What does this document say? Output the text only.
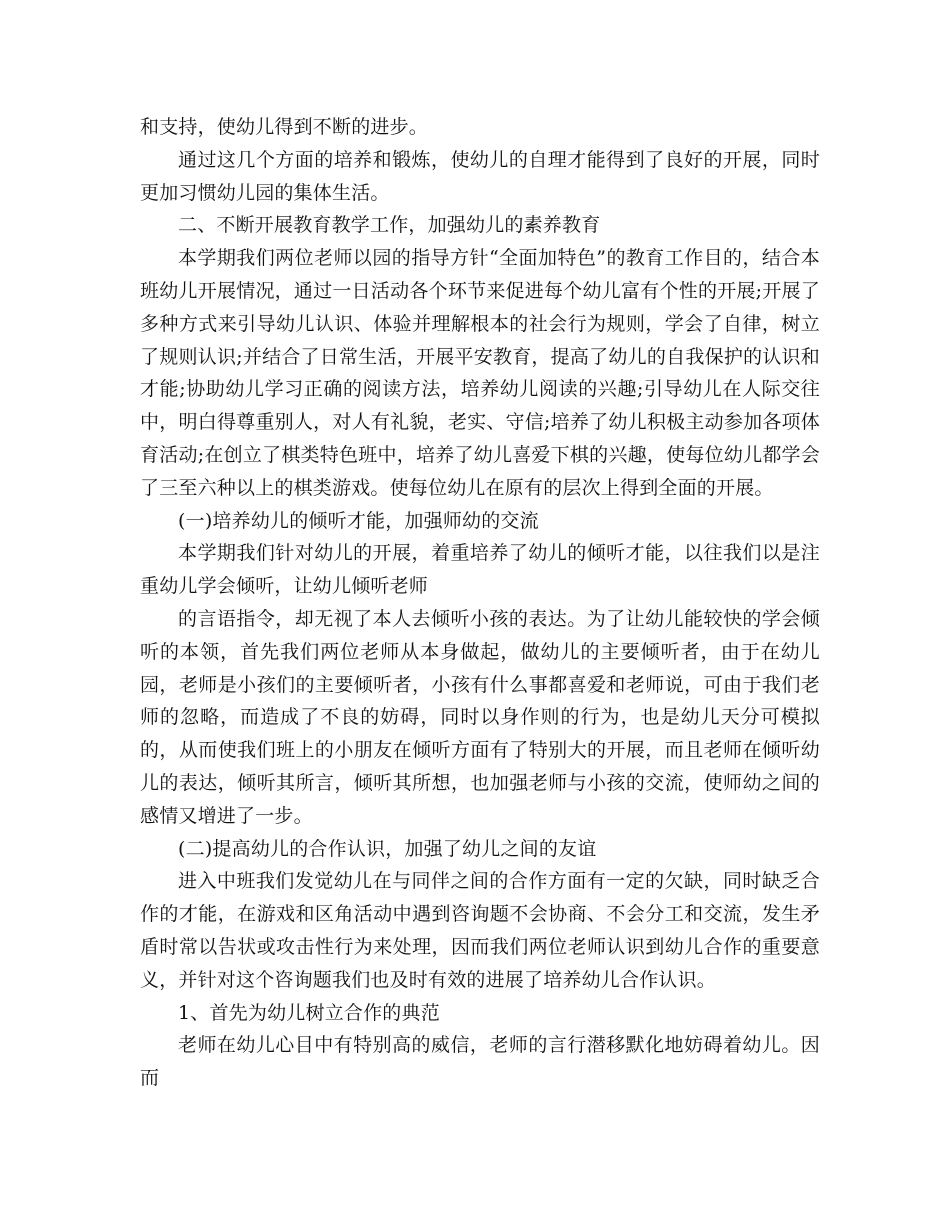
和支持，使幼儿得到不断的进步。

通过这几个方面的培养和锻炼，使幼儿的自理才能得到了良好的开展，同时更加习惯幼儿园的集体生活。

二、不断开展教育教学工作，加强幼儿的素养教育

本学期我们两位老师以园的指导方针“全面加特色”的教育工作目的，结合本班幼儿开展情况，通过一日活动各个环节来促进每个幼儿富有个性的开展;开展了多种方式来引导幼儿认识、体验并理解根本的社会行为规则，学会了自律，树立了规则认识;并结合了日常生活，开展平安教育，提高了幼儿的自我保护的认识和才能;协助幼儿学习正确的阅读方法，培养幼儿阅读的兴趣;引导幼儿在人际交往中，明白得尊重别人，对人有礼貌，老实、守信;培养了幼儿积极主动参加各项体育活动;在创立了棋类特色班中，培养了幼儿喜爱下棋的兴趣，使每位幼儿都学会了三至六种以上的棋类游戏。使每位幼儿在原有的层次上得到全面的开展。

(一)培养幼儿的倾听才能，加强师幼的交流

本学期我们针对幼儿的开展，着重培养了幼儿的倾听才能，以往我们以是注重幼儿学会倾听，让幼儿倾听老师

的言语指令，却无视了本人去倾听小孩的表达。为了让幼儿能较快的学会倾听的本领，首先我们两位老师从本身做起，做幼儿的主要倾听者，由于在幼儿园，老师是小孩们的主要倾听者，小孩有什么事都喜爱和老师说，可由于我们老师的忽略，而造成了不良的妨碍，同时以身作则的行为，也是幼儿天分可模拟的，从而使我们班上的小朋友在倾听方面有了特别大的开展，而且老师在倾听幼儿的表达，倾听其所言，倾听其所想，也加强老师与小孩的交流，使师幼之间的感情又增进了一步。

(二)提高幼儿的合作认识，加强了幼儿之间的友谊

进入中班我们发觉幼儿在与同伴之间的合作方面有一定的欠缺，同时缺乏合作的才能，在游戏和区角活动中遇到咨询题不会协商、不会分工和交流，发生矛盾时常以告状或攻击性行为来处理，因而我们两位老师认识到幼儿合作的重要意义，并针对这个咨询题我们也及时有效的进展了培养幼儿合作认识。

1、首先为幼儿树立合作的典范

老师在幼儿心目中有特别高的威信，老师的言行潜移默化地妨碍着幼儿。因而
